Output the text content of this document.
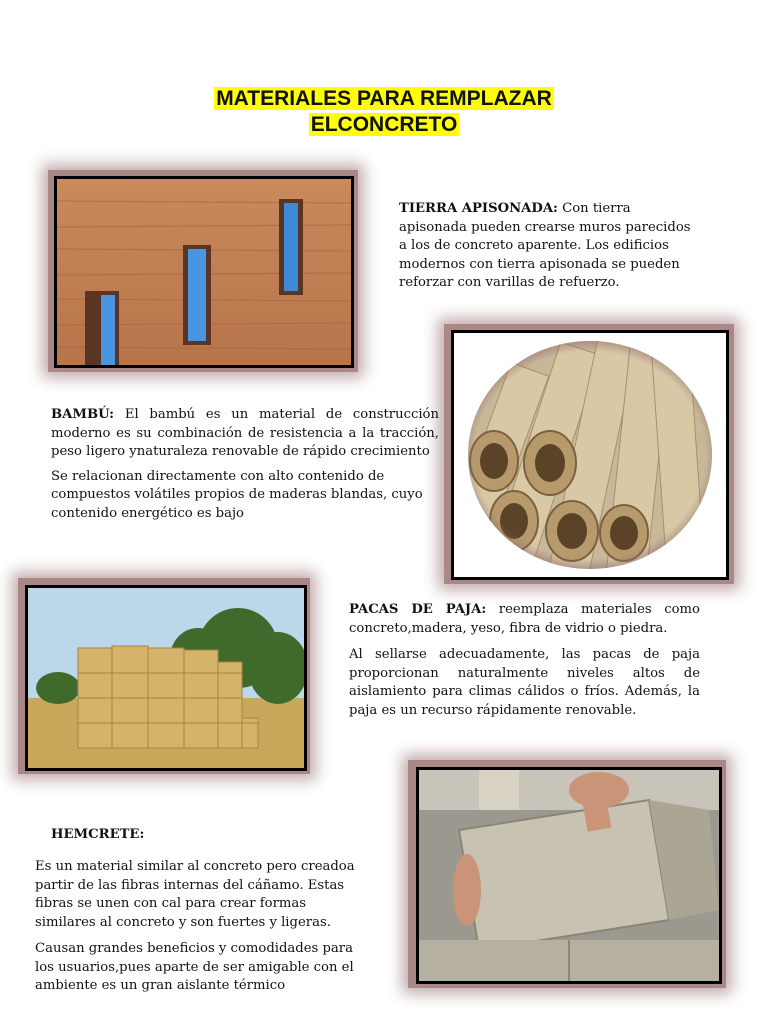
MATERIALES PARA REMPLAZAR
ELCONCRETO

TIERRA APISONADA: Con tierra apisonada pueden crearse muros parecidos a los de concreto aparente. Los edificios modernos con tierra apisonada se pueden reforzar con varillas de refuerzo.

BAMBÚ: El bambú es un material de construcción moderno es su combinación de resistencia a la tracción, peso ligero ynaturaleza renovable de rápido crecimiento

Se relacionan directamente con alto contenido de compuestos volátiles propios de maderas blandas, cuyo contenido energético es bajo

PACAS DE PAJA: reemplaza materiales como concreto,madera, yeso, fibra de vidrio o piedra.

Al sellarse adecuadamente, las pacas de paja proporcionan naturalmente niveles altos de aislamiento para climas cálidos o fríos. Además, la paja es un recurso rápidamente renovable.

HEMCRETE:

Es un material similar al concreto pero creadoa partir de las fibras internas del cáñamo. Estas fibras se unen con cal para crear formas similares al concreto y son fuertes y ligeras.

Causan grandes beneficios y comodidades para los usuarios,pues aparte de ser amigable con el ambiente es un gran aislante térmico
